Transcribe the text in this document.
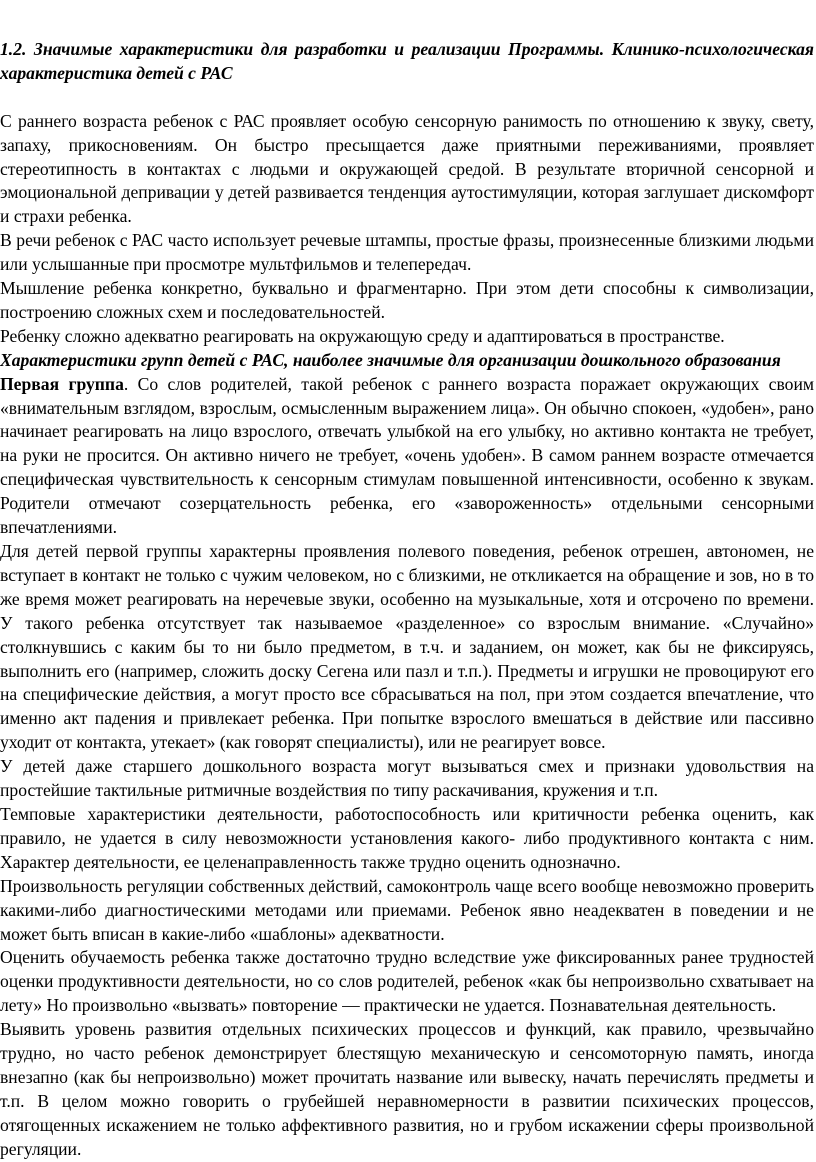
1.2. Значимые характеристики для разработки и реализации Программы. Клинико-психологическая характеристика детей с РАС

С раннего возраста ребенок с РАС проявляет особую сенсорную ранимость по отношению к звуку, свету, запаху, прикосновениям. Он быстро пресыщается даже приятными переживаниями, проявляет стереотипность в контактах с людьми и окружающей средой. В результате вторичной сенсорной и эмоциональной депривации у детей развивается тенденция аутостимуляции, которая заглушает дискомфорт и страхи ребенка.

В речи ребенок с РАС часто использует речевые штампы, простые фразы, произнесенные близкими людьми или услышанные при просмотре мультфильмов и телепередач.

Мышление ребенка конкретно, буквально и фрагментарно. При этом дети способны к символизации, построению сложных схем и последовательностей.

Ребенку сложно адекватно реагировать на окружающую среду и адаптироваться в пространстве.

Характеристики групп детей с РАС, наиболее значимые для организации дошкольного образования

Первая группа. Со слов родителей, такой ребенок с раннего возраста поражает окружающих своим «внимательным взглядом, взрослым, осмысленным выражением лица». Он обычно спокоен, «удобен», рано начинает реагировать на лицо взрослого, отвечать улыбкой на его улыбку, но активно контакта не требует, на руки не просится. Он активно ничего не требует, «очень удобен». В самом раннем возрасте отмечается специфическая чувствительность к сенсорным стимулам повышенной интенсивности, особенно к звукам. Родители отмечают созерцательность ребенка, его «завороженность» отдельными сенсорными впечатлениями.

Для детей первой группы характерны проявления полевого поведения, ребенок отрешен, автономен, не вступает в контакт не только с чужим человеком, но с близкими, не откликается на обращение и зов, но в то же время может реагировать на неречевые звуки, особенно на музыкальные, хотя и отсрочено по времени. У такого ребенка отсутствует так называемое «разделенное» со взрослым внимание. «Случайно» столкнувшись с каким бы то ни было предметом, в т.ч. и заданием, он может, как бы не фиксируясь, выполнить его (например, сложить доску Сегена или пазл и т.п.). Предметы и игрушки не провоцируют его на специфические действия, а могут просто все сбрасываться на пол, при этом создается впечатление, что именно акт падения и привлекает ребенка. При попытке взрослого вмешаться в действие или пассивно уходит от контакта, утекает» (как говорят специалисты), или не реагирует вовсе.

У детей даже старшего дошкольного возраста могут вызываться смех и признаки удовольствия на простейшие тактильные ритмичные воздействия по типу раскачивания, кружения и т.п.

Темповые характеристики деятельности, работоспособность или критичности ребенка оценить, как правило, не удается в силу невозможности установления какого- либо продуктивного контакта с ним. Характер деятельности, ее целенаправленность также трудно оценить однозначно.

Произвольность регуляции собственных действий, самоконтроль чаще всего вообще невозможно проверить какими-либо диагностическими методами или приемами. Ребенок явно неадекватен в поведении и не может быть вписан в какие-либо «шаблоны» адекватности.

Оценить обучаемость ребенка также достаточно трудно вследствие уже фиксированных ранее трудностей оценки продуктивности деятельности, но со слов родителей, ребенок «как бы непроизвольно схватывает на лету» Но произвольно «вызвать» повторение — практически не удается. Познавательная деятельность.

Выявить уровень развития отдельных психических процессов и функций, как правило, чрезвычайно трудно, но часто ребенок демонстрирует блестящую механическую и сенсомоторную память, иногда внезапно (как бы непроизвольно) может прочитать название или вывеску, начать перечислять предметы и т.п. В целом можно говорить о грубейшей неравномерности в развитии психических процессов, отягощенных искажением не только аффективного развития, но и грубом искажении сферы произвольной регуляции.
